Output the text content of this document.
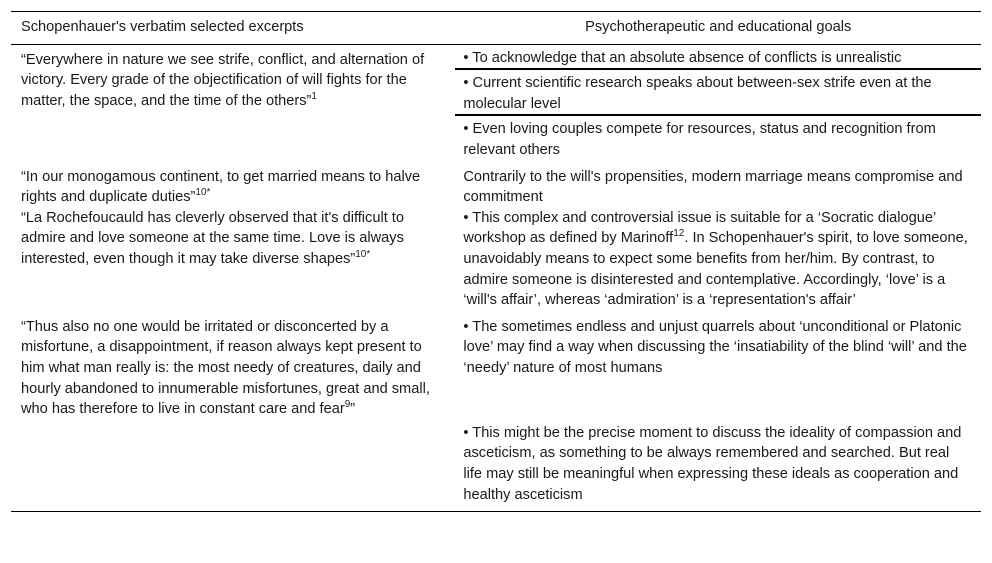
Schopenhauer's verbatim selected excerpts	Psychotherapeutic and educational goals
“Everywhere in nature we see strife, conflict, and alternation of victory. Every grade of the objectification of will fights for the matter, the space, and the time of the others”$^1$	• To acknowledge that an absolute absence of conflicts is unrealistic
	• Current scientific research speaks about between-sex strife even at the molecular level
	• Even loving couples compete for resources, status and recognition from relevant others
“In our monogamous continent, to get married means to halve rights and duplicate duties”$^{10*}$	Contrarily to the will's propensities, modern marriage means compromise and commitment
“La Rochefoucauld has cleverly observed that it's difficult to admire and love someone at the same time. Love is always interested, even though it may take diverse shapes”$^{10*}$	• This complex and controversial issue is suitable for a ‘Socratic dialogue’ workshop as defined by Marinoff$^{12}$. In Schopenhauer's spirit, to love someone, unavoidably means to expect some benefits from her/him. By contrast, to admire someone is disinterested and contemplative. Accordingly, ‘love’ is a ‘will's affair’, whereas ‘admiration’ is a ‘representation's affair’
“Thus also no one would be irritated or disconcerted by a misfortune, a disappointment, if reason always kept present to him what man really is: the most needy of creatures, daily and hourly abandoned to innumerable misfortunes, great and small, who has therefore to live in constant care and fear$^9$”	• The sometimes endless and unjust quarrels about ‘unconditional or Platonic love’ may find a way when discussing the ‘insatiability of the blind ‘will’ and the ‘needy’ nature of most humans
	• This might be the precise moment to discuss the ideality of compassion and asceticism, as something to be always remembered and searched. But real life may still be meaningful when expressing these ideals as cooperation and healthy asceticism
